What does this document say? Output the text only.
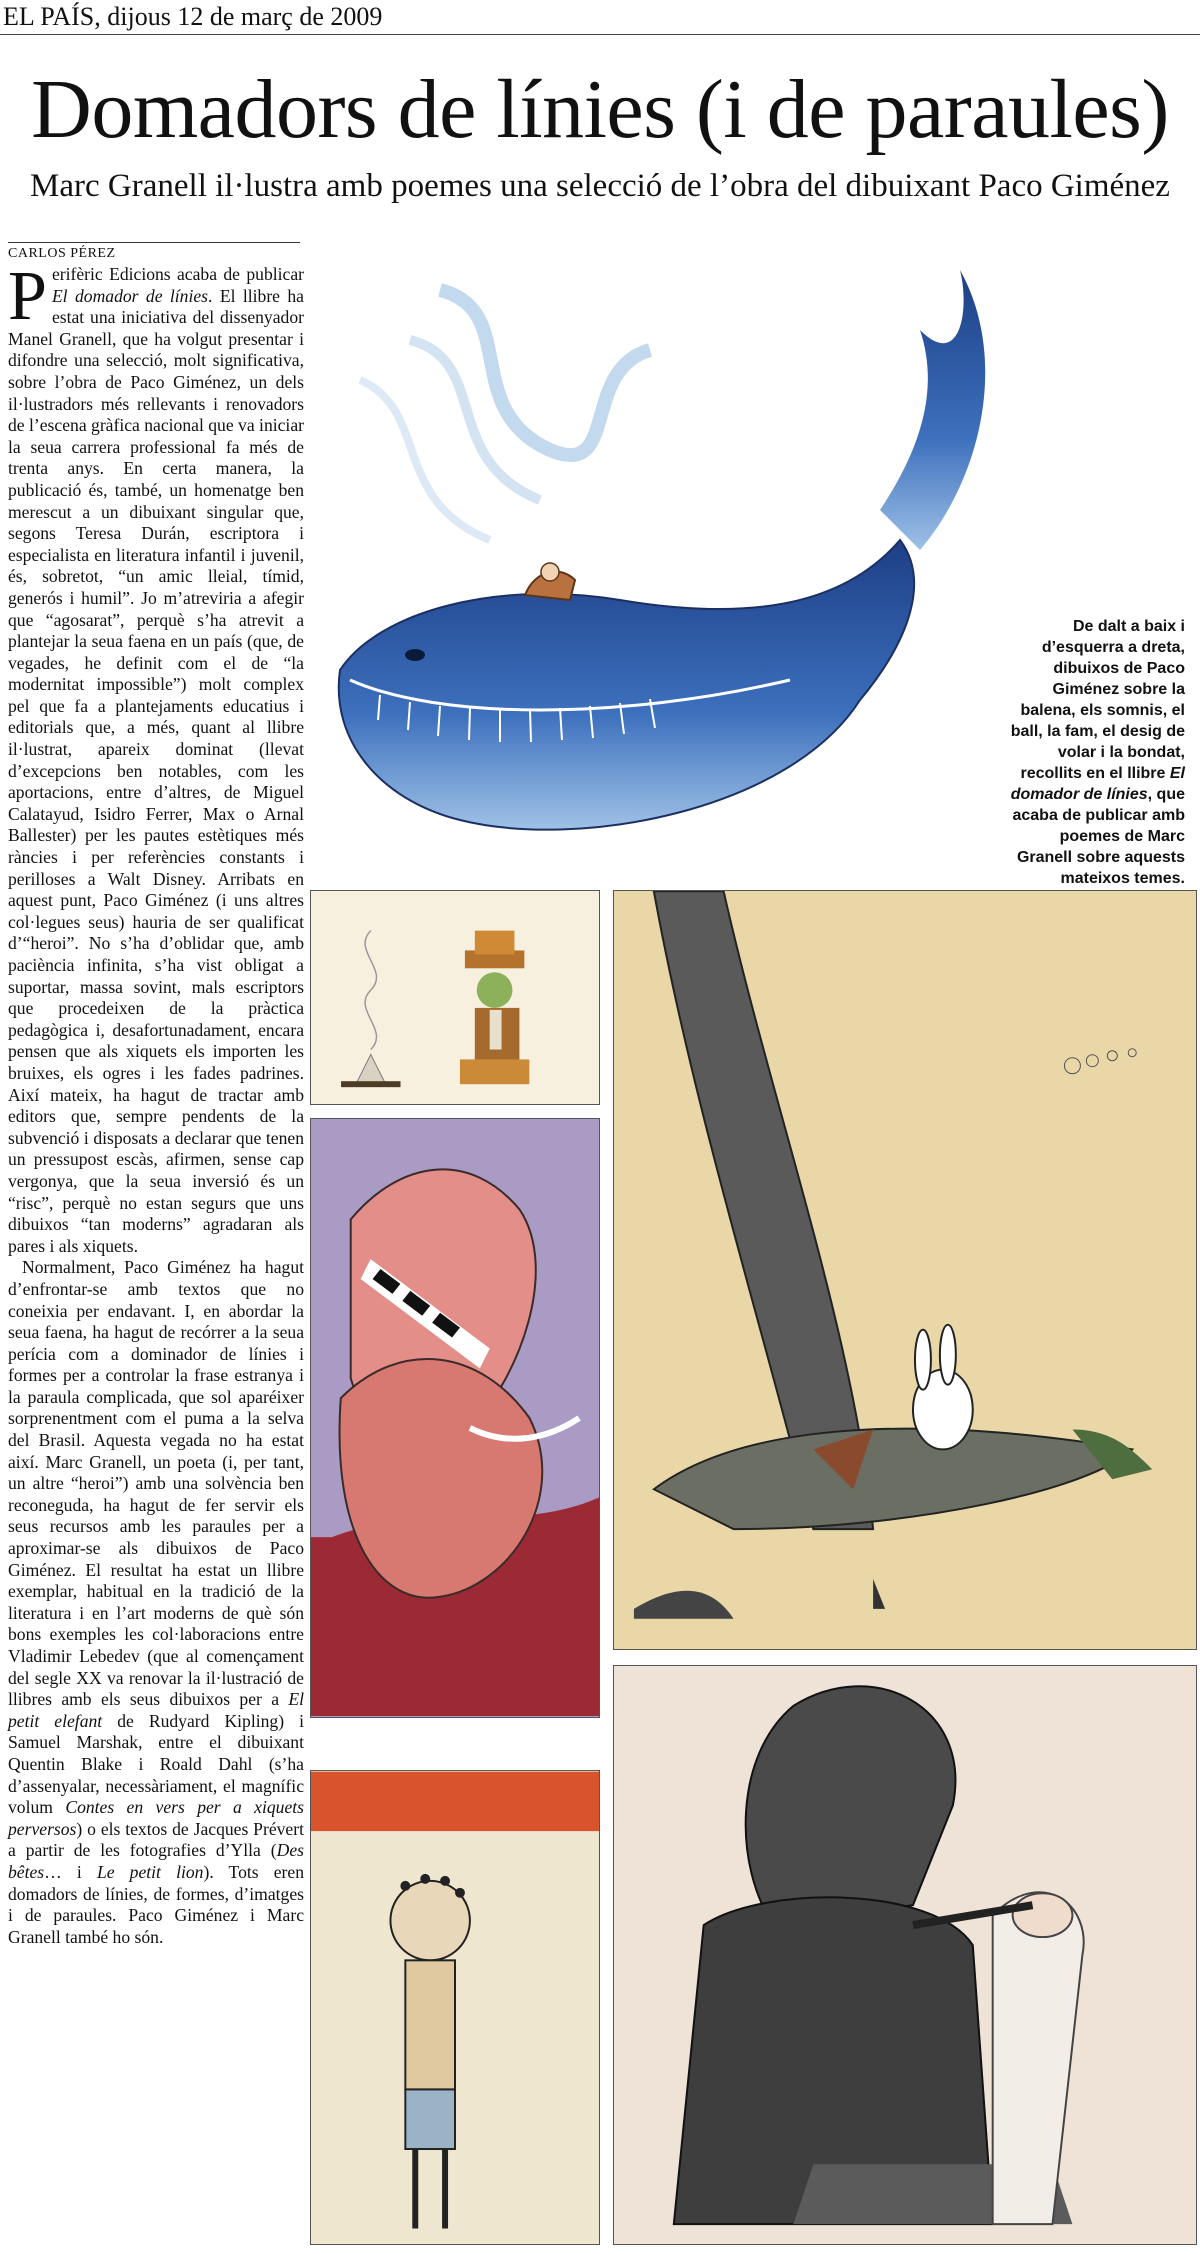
EL PAÍS, dijous 12 de març de 2009
Domadors de línies (i de paraules)
Marc Granell il·lustra amb poemes una selecció de l’obra del dibuixant Paco Giménez
CARLOS PÉREZ

Perifèric Edicions acaba de publicar El domador de línies. El llibre ha estat una iniciativa del dissenyador Manel Granell, que ha volgut presentar i difondre una selecció, molt significativa, sobre l’obra de Paco Giménez, un dels il·lustradors més rellevants i renovadors de l’escena gràfica nacional que va iniciar la seua carrera professional fa més de trenta anys. En certa manera, la publicació és, també, un homenatge ben merescut a un dibuixant singular que, segons Teresa Durán, escriptora i especialista en literatura infantil i juvenil, és, sobretot, “un amic lleial, tímid, generós i humil”. Jo m’atreviria a afegir que “agosarat”, perquè s’ha atrevit a plantejar la seua faena en un país (que, de vegades, he definit com el de “la modernitat impossible”) molt complex pel que fa a plantejaments educatius i editorials que, a més, quant al llibre il·lustrat, apareix dominat (llevat d’excepcions ben notables, com les aportacions, entre d’altres, de Miguel Calatayud, Isidro Ferrer, Max o Arnal Ballester) per les pautes estètiques més ràncies i per referències constants i perilloses a Walt Disney. Arribats en aquest punt, Paco Giménez (i uns altres col·legues seus) hauria de ser qualificat d’“heroi”. No s’ha d’oblidar que, amb paciència infinita, s’ha vist obligat a suportar, massa sovint, mals escriptors que procedeixen de la pràctica pedagògica i, desafortunadament, encara pensen que als xiquets els importen les bruixes, els ogres i les fades padrines. Així mateix, ha hagut de tractar amb editors que, sempre pendents de la subvenció i disposats a declarar que tenen un pressupost escàs, afirmen, sense cap vergonya, que la seua inversió és un “risc”, perquè no estan segurs que uns dibuixos “tan moderns” agradaran als pares i als xiquets.

Normalment, Paco Giménez ha hagut d’enfrontar-se amb textos que no coneixia per endavant. I, en abordar la seua faena, ha hagut de recórrer a la seua perícia com a dominador de línies i formes per a controlar la frase estranya i la paraula complicada, que sol aparéixer sorprenentment com el puma a la selva del Brasil. Aquesta vegada no ha estat així. Marc Granell, un poeta (i, per tant, un altre “heroi”) amb una solvència ben reconeguda, ha hagut de fer servir els seus recursos amb les paraules per a aproximar-se als dibuixos de Paco Giménez. El resultat ha estat un llibre exemplar, habitual en la tradició de la literatura i en l’art moderns de què són bons exemples les col·laboracions entre Vladimir Lebedev (que al començament del segle XX va renovar la il·lustració de llibres amb els seus dibuixos per a El petit elefant de Rudyard Kipling) i Samuel Marshak, entre el dibuixant Quentin Blake i Roald Dahl (s’ha d’assenyalar, necessàriament, el magnífic volum Contes en vers per a xiquets perversos) o els textos de Jacques Prévert a partir de les fotografies d’Ylla (Des bêtes… i Le petit lion). Tots eren domadors de línies, de formes, d’imatges i de paraules. Paco Giménez i Marc Granell també ho són.

De dalt a baix i d’esquerra a dreta, dibuixos de Paco Giménez sobre la balena, els somnis, el ball, la fam, el desig de volar i la bondat, recollits en el llibre El domador de línies, que acaba de publicar amb poemes de Marc Granell sobre aquests mateixos temes.
